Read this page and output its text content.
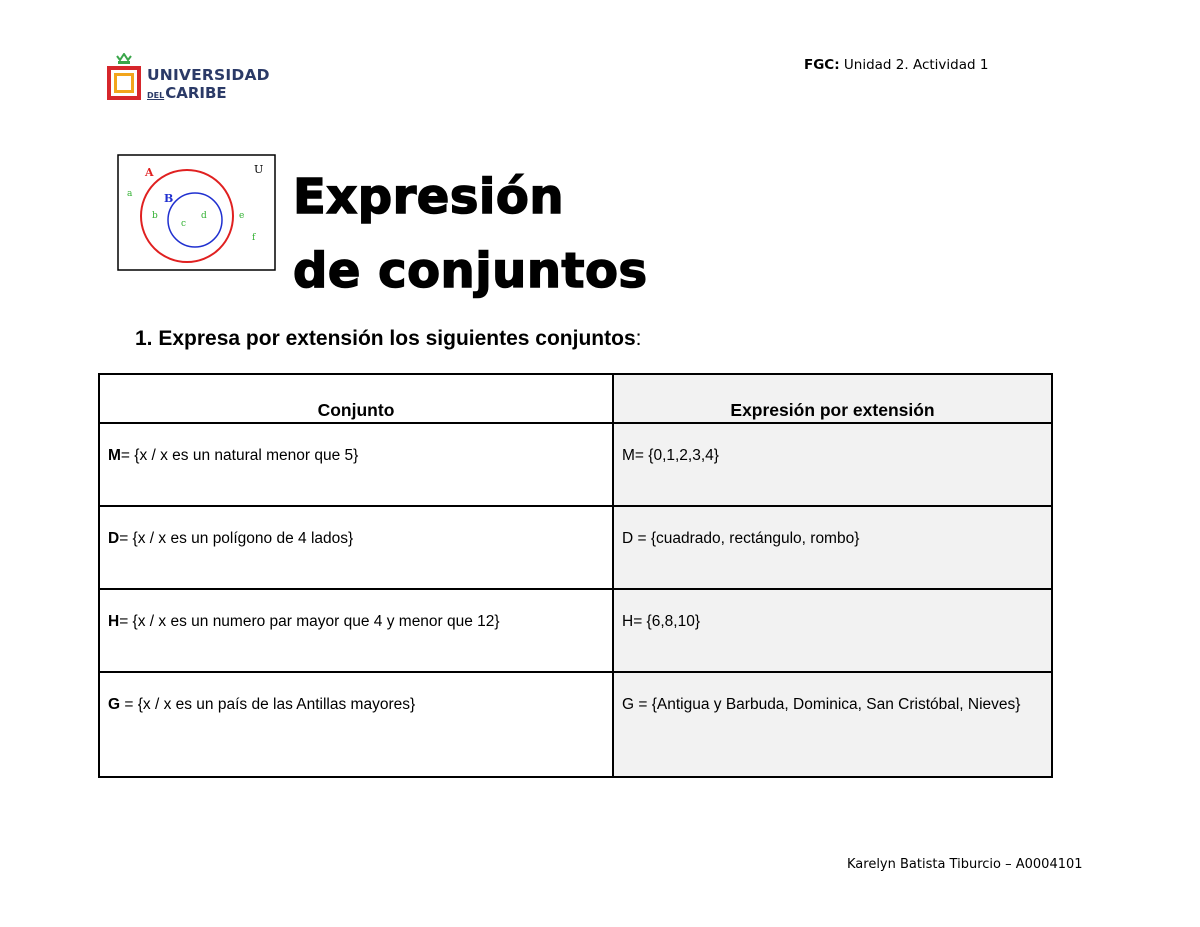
UNIVERSIDAD
DELCARIBE
FGC: Unidad 2. Actividad 1
A
B
U
a
b
c
d	e
f
Expresión
de conjuntos
1. Expresa por extensión los siguientes conjuntos:
Conjunto	Expresión por extensión
M= {x / x es un natural menor que 5}	M= {0,1,2,3,4}
D= {x / x es un polígono de 4 lados}	D = {cuadrado, rectángulo, rombo}
H= {x / x es un numero par mayor que 4 y menor que 12}	H= {6,8,10}
G = {x / x es un país de las Antillas mayores}	G = {Antigua y Barbuda, Dominica, San Cristóbal, Nieves}
Karelyn Batista Tiburcio – A0004101
